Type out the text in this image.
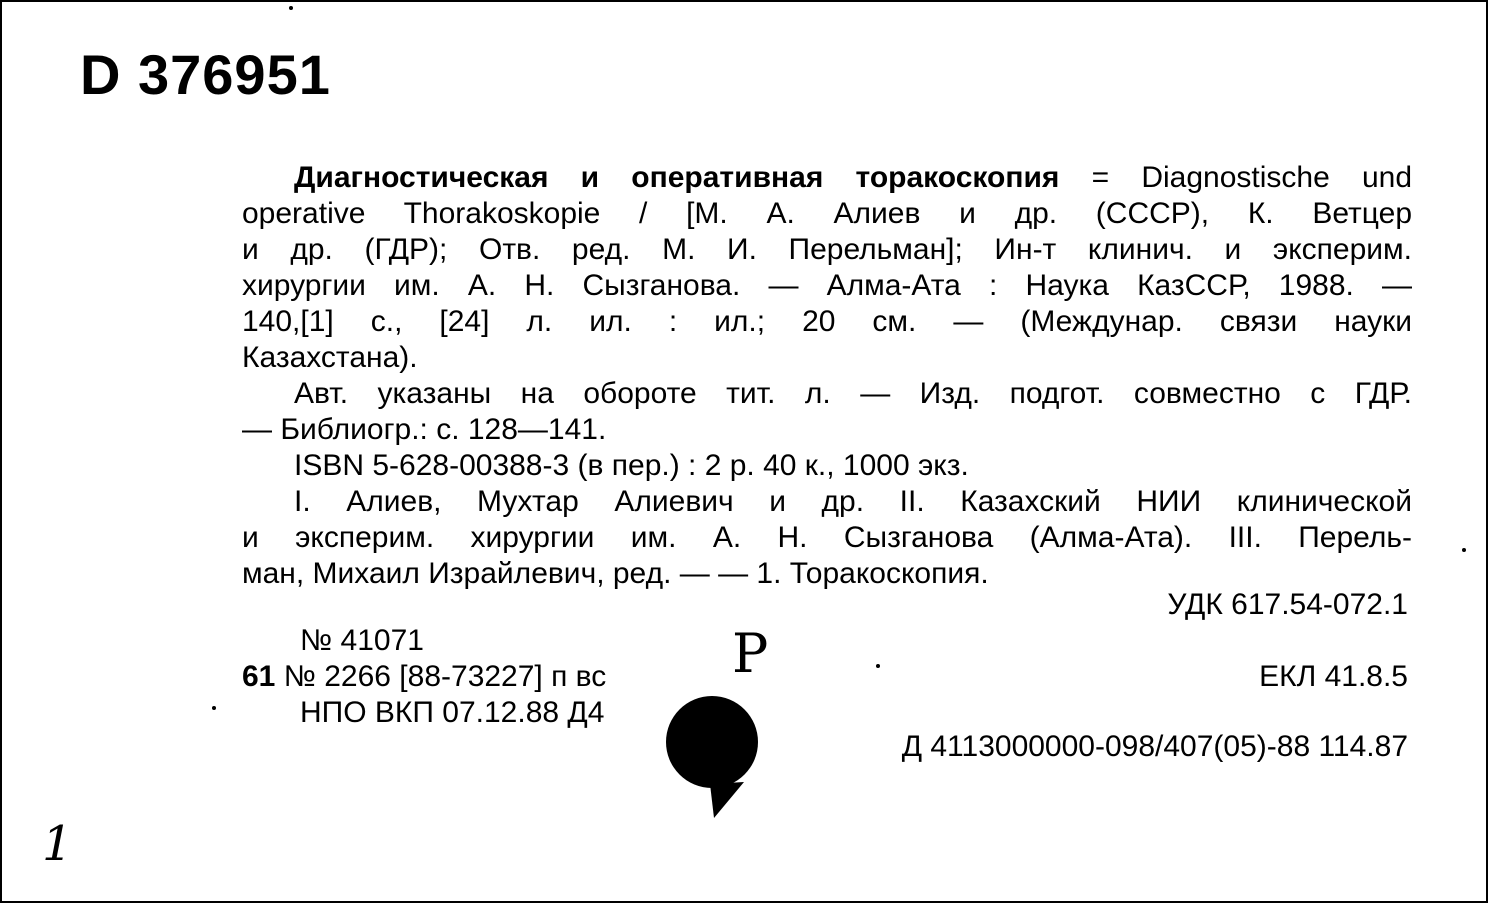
D 376951
Диагностическая и оперативная торакоскопия = Diagnostische und
operative Thorakoskopie / [М. А. Алиев и др. (СССР), К. Ветцер
и др. (ГДР); Отв. ред. М. И. Перельман]; Ин-т клинич. и эксперим.
хирургии им. А. Н. Сызганова. — Алма-Ата : Наука КазССР, 1988. —
140,[1] с., [24] л. ил. : ил.; 20 см. — (Междунар. связи науки
Казахстана).
Авт. указаны на обороте тит. л. — Изд. подгот. совместно с ГДР.
— Библиогр.: с. 128—141.
ISBN 5-628-00388-3 (в пер.) : 2 р. 40 к., 1000 экз.
I. Алиев, Мухтар Алиевич и др. II. Казахский НИИ клинической
и эксперим. хирургии им. А. Н. Сызганова (Алма-Ата). III. Перель-
ман, Михаил Израйлевич, ред. — — 1. Торакоскопия.
УДК 617.54-072.1
№ 41071
61 № 2266 [88-73227] п вс	ЕКЛ 41.8.5
НПО ВКП 07.12.88 Д4
Д 4113000000-098/407(05)-88 114.87
P
1
